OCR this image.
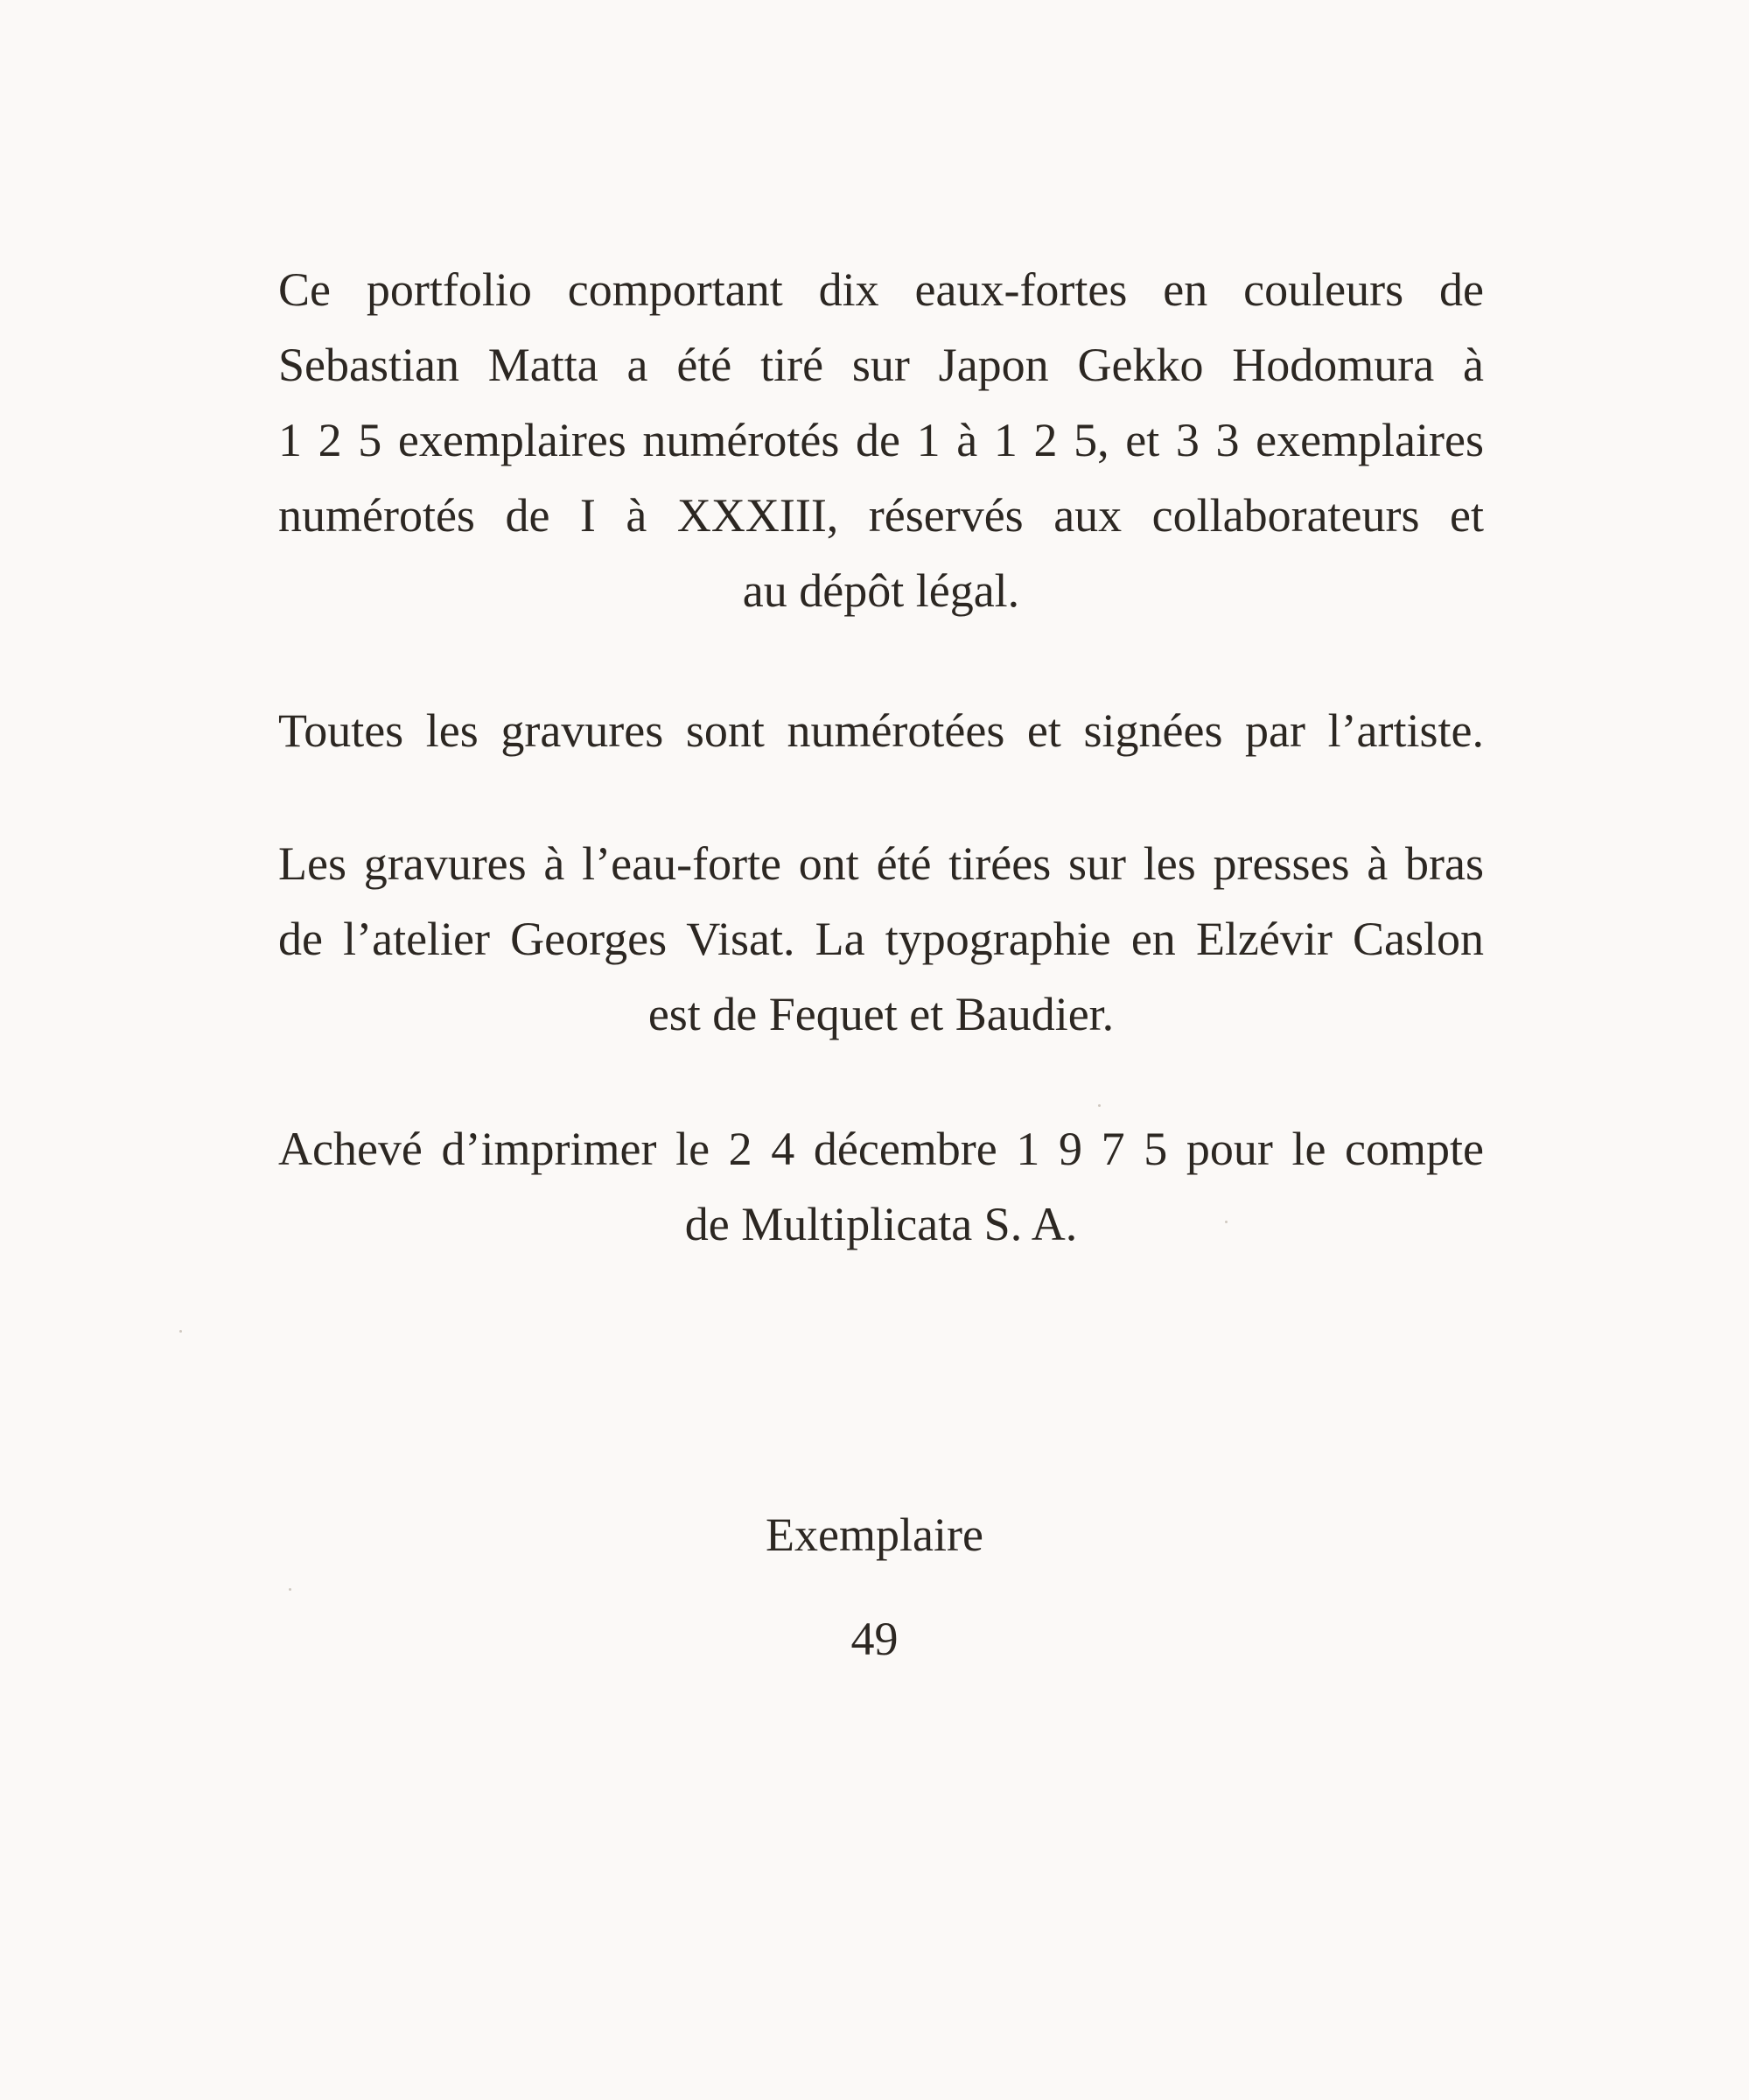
Ce portfolio comportant dix eaux-fortes en couleurs de
Sebastian Matta a été tiré sur Japon Gekko Hodomura à
1 2 5 exemplaires numérotés de 1 à 1 2 5, et 3 3 exemplaires
numérotés de I à XXXIII, réservés aux collaborateurs et
au dépôt légal.
Toutes les gravures sont numérotées et signées par l’artiste.
Les gravures à l’eau-forte ont été tirées sur les presses à bras
de l’atelier Georges Visat. La typographie en Elzévir Caslon
est de Fequet et Baudier.
Achevé d’imprimer le 2 4 décembre 1 9 7 5 pour le compte
de Multiplicata S. A.
Exemplaire
49
